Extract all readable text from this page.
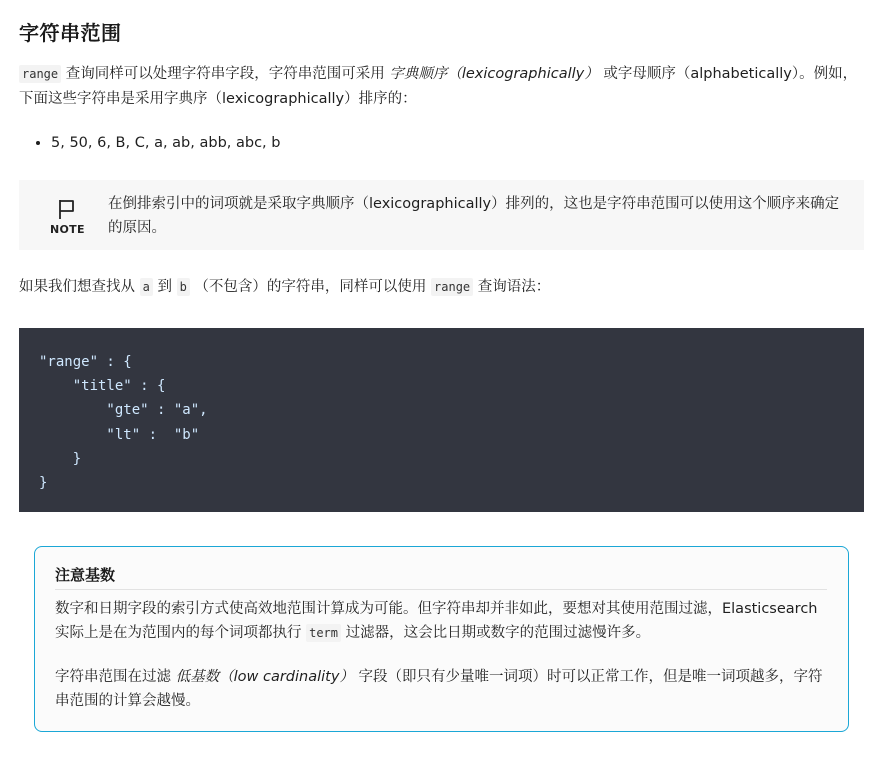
字符串范围

range 查询同样可以处理字符串字段，字符串范围可采用 字典顺序（lexicographically） 或字母顺序（alphabetically）。例如，下面这些字符串是采用字典序（lexicographically）排序的：

• 5, 50, 6, B, C, a, ab, abb, abc, b
NOTE

在倒排索引中的词项就是采取字典顺序（lexicographically）排列的，这也是字符串范围可以使用这个顺序来确定的原因。

如果我们想查找从 a 到 b （不包含）的字符串，同样可以使用 range 查询语法：

"range" : {
"title" : {
"gte" : "a",
"lt" :  "b"
}
}
注意基数

数字和日期字段的索引方式使高效地范围计算成为可能。但字符串却并非如此，要想对其使用范围过滤，Elasticsearch 实际上是在为范围内的每个词项都执行 term 过滤器，这会比日期或数字的范围过滤慢许多。

字符串范围在过滤 低基数（low cardinality） 字段（即只有少量唯一词项）时可以正常工作，但是唯一词项越多，字符串范围的计算会越慢。
